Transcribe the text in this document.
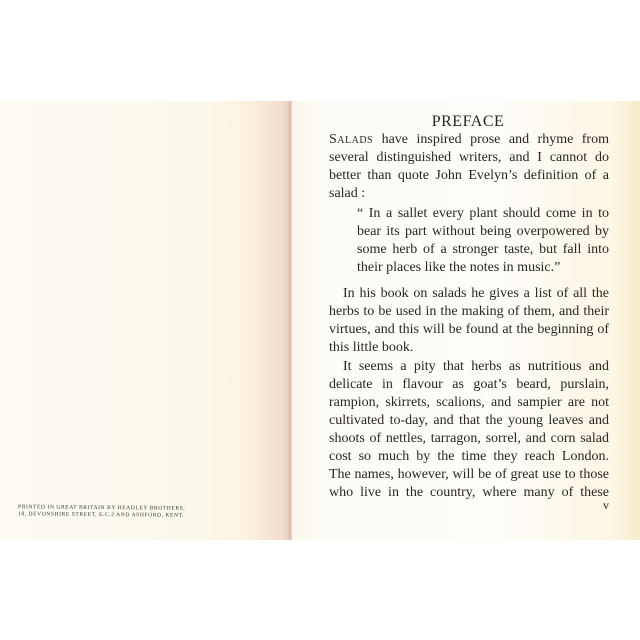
PRINTED IN GREAT BRITAIN BY HEADLEY BROTHERS,
18, DEVONSHIRE STREET, E.C.2 AND ASHFORD, KENT.
PREFACE
Salads have inspired prose and rhyme from
several distinguished writers, and I cannot do
better than quote John Evelyn’s definition of a
salad :
“ In a sallet every plant should come in to
bear its part without being overpowered by
some herb of a stronger taste, but fall into
their places like the notes in music.”
In his book on salads he gives a list of all the
herbs to be used in the making of them, and their
virtues, and this will be found at the beginning of
this little book.
It seems a pity that herbs as nutritious and
delicate in flavour as goat’s beard, purslain,
rampion, skirrets, scalions, and sampier are not
cultivated to-day, and that the young leaves and
shoots of nettles, tarragon, sorrel, and corn salad
cost so much by the time they reach London.
The names, however, will be of great use to those
who live in the country, where many of these
v
